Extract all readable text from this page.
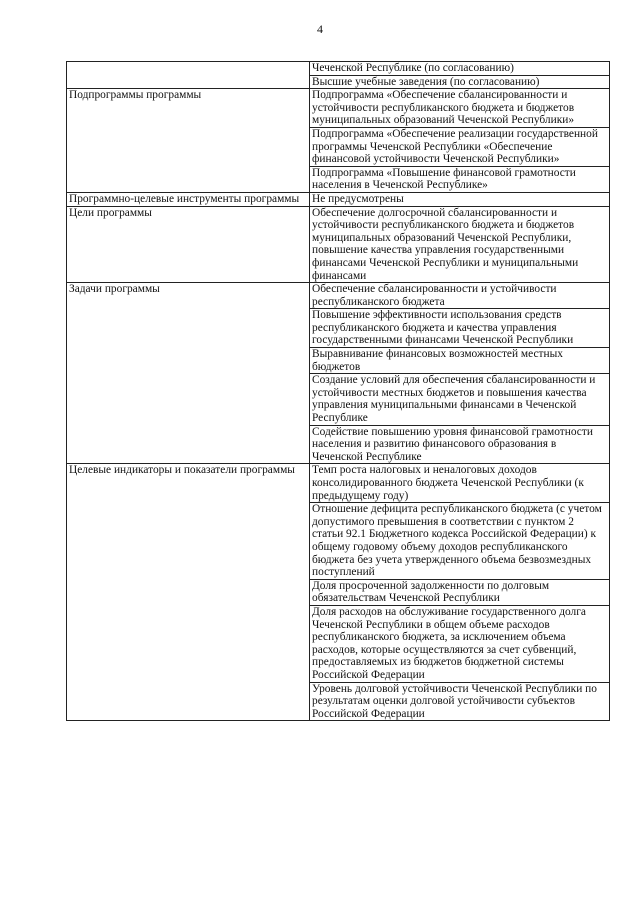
4
	Чеченской Республике (по согласованию)
	Высшие учебные заведения (по согласованию)
Подпрограммы программы	Подпрограмма «Обеспечение сбалансированности и устойчивости республиканского бюджета и бюджетов муниципальных образований Чеченской Республики»
	Подпрограмма «Обеспечение реализации государственной программы Чеченской Республики «Обеспечение финансовой устойчивости Чеченской Республики»
	Подпрограмма «Повышение финансовой грамотности населения в Чеченской Республике»
Программно-целевые инструменты программы	Не предусмотрены
Цели программы	Обеспечение долгосрочной сбалансированности и устойчивости республиканского бюджета и бюджетов муниципальных образований Чеченской Республики, повышение качества управления государственными финансами Чеченской Республики и муниципальными финансами
Задачи программы	Обеспечение сбалансированности и устойчивости республиканского бюджета
	Повышение эффективности использования средств республиканского бюджета и качества управления государственными финансами Чеченской Республики
	Выравнивание финансовых возможностей местных бюджетов
	Создание условий для обеспечения сбалансированности и устойчивости местных бюджетов и повышения качества управления муниципальными финансами в Чеченской Республике
	Содействие повышению уровня финансовой грамотности населения и развитию финансового образования в Чеченской Республике
Целевые индикаторы и показатели программы	Темп роста налоговых и неналоговых доходов консолидированного бюджета Чеченской Республики (к предыдущему году)
	Отношение дефицита республиканского бюджета (с учетом допустимого превышения в соответствии с пунктом 2 статьи 92.1 Бюджетного кодекса Российской Федерации) к общему годовому объему доходов республиканского бюджета без учета утвержденного объема безвозмездных поступлений
	Доля просроченной задолженности по долговым обязательствам Чеченской Республики
	Доля расходов на обслуживание государственного долга Чеченской Республики в общем объеме расходов республиканского бюджета, за исключением объема расходов, которые осуществляются за счет субвенций, предоставляемых из бюджетов бюджетной системы Российской Федерации
	Уровень долговой устойчивости Чеченской Республики по результатам оценки долговой устойчивости субъектов Российской Федерации
